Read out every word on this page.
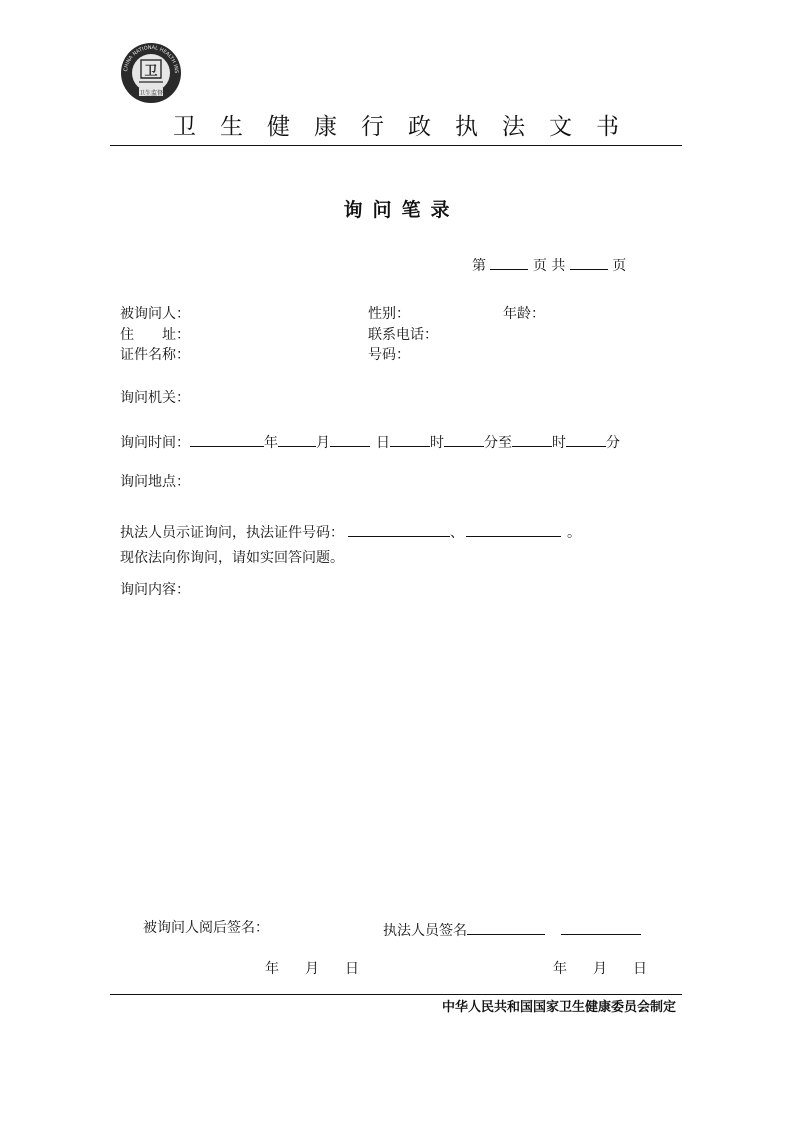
CHINA NATIONAL HEALTH INS
卫
卫生监督
卫生健康行政执法文书
询问笔录
第	页 共	页
被询问人：	性别：	年龄：
住　　址：	联系电话：
证件名称：	号码：
询问机关：
询问时间：	年	月	日	时	分至	时	分
询问地点：
执法人员示证询问，执法证件号码：	、	。
现依法向你询问，请如实回答问题。
询问内容：
被询问人阅后签名：	执法人员签名
年 月 日	年 月 日
中华人民共和国国家卫生健康委员会制定
